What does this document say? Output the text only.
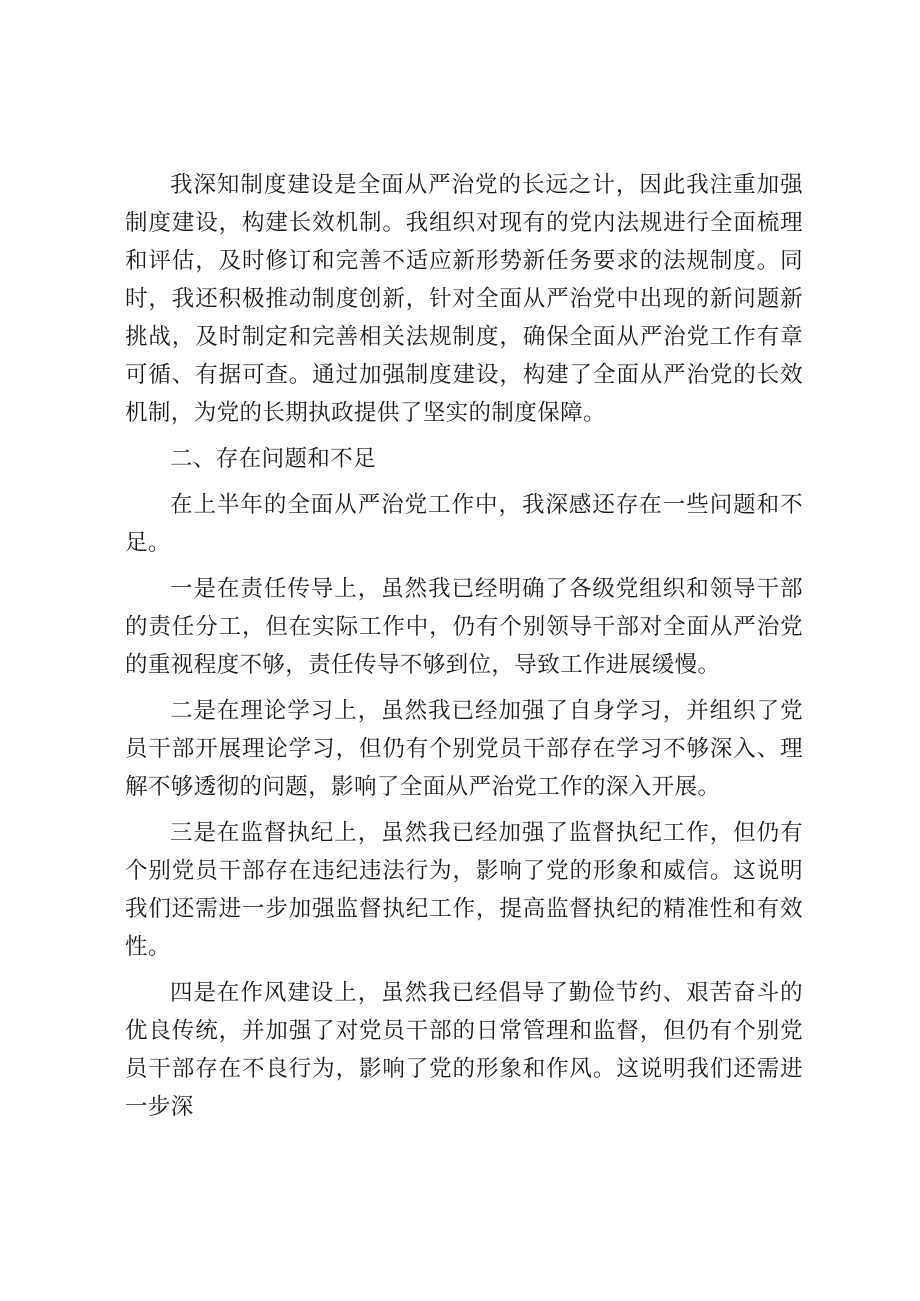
我深知制度建设是全面从严治党的长远之计，因此我注重加强制度建设，构建长效机制。我组织对现有的党内法规进行全面梳理和评估，及时修订和完善不适应新形势新任务要求的法规制度。同时，我还积极推动制度创新，针对全面从严治党中出现的新问题新挑战，及时制定和完善相关法规制度，确保全面从严治党工作有章可循、有据可查。通过加强制度建设，构建了全面从严治党的长效机制，为党的长期执政提供了坚实的制度保障。

二、存在问题和不足

在上半年的全面从严治党工作中，我深感还存在一些问题和不足。

一是在责任传导上，虽然我已经明确了各级党组织和领导干部的责任分工，但在实际工作中，仍有个别领导干部对全面从严治党的重视程度不够，责任传导不够到位，导致工作进展缓慢。

二是在理论学习上，虽然我已经加强了自身学习，并组织了党员干部开展理论学习，但仍有个别党员干部存在学习不够深入、理解不够透彻的问题，影响了全面从严治党工作的深入开展。

三是在监督执纪上，虽然我已经加强了监督执纪工作，但仍有个别党员干部存在违纪违法行为，影响了党的形象和威信。这说明我们还需进一步加强监督执纪工作，提高监督执纪的精准性和有效性。

四是在作风建设上，虽然我已经倡导了勤俭节约、艰苦奋斗的优良传统，并加强了对党员干部的日常管理和监督，但仍有个别党员干部存在不良行为，影响了党的形象和作风。这说明我们还需进一步深
